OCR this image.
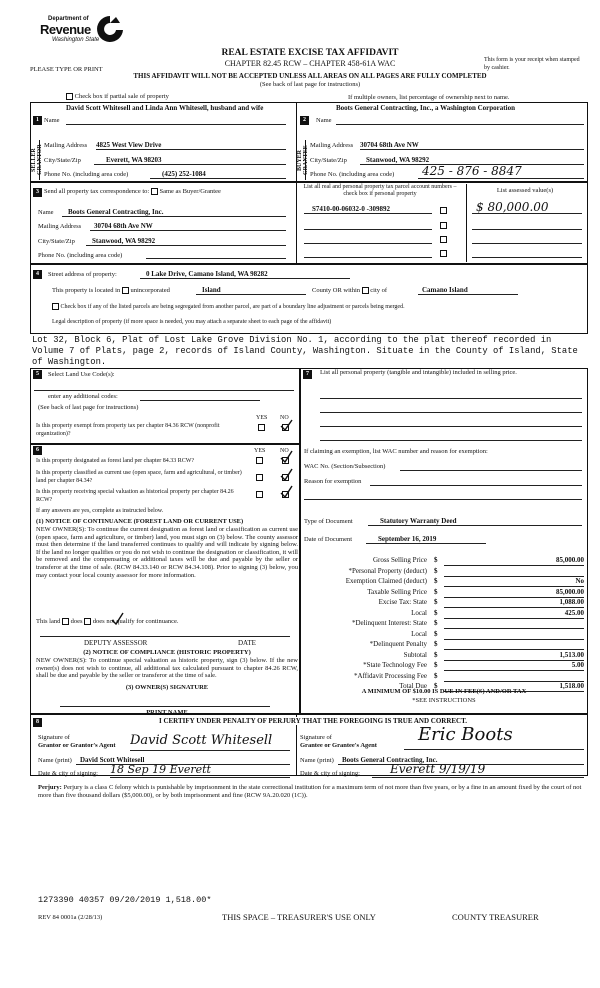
Department of
Revenue
Washington State
REAL ESTATE EXCISE TAX AFFIDAVIT
CHAPTER 82.45 RCW – CHAPTER 458-61A WAC
PLEASE TYPE OR PRINT
This form is your receipt when stamped by cashier.
THIS AFFIDAVIT WILL NOT BE ACCEPTED UNLESS ALL AREAS ON ALL PAGES ARE FULLY COMPLETED
(See back of last page for instructions)
Check box if partial sale of property	If multiple owners, list percentage of ownership next to name.
SELLER GRANTOR
1 Name
David Scott Whitesell and Linda Ann Whitesell, husband and wife
Mailing Address 4825 West View Drive
City/State/Zip	Everett, WA 98203
Phone No. (including area code)	(425) 252-1084
BUYER GRANTEE
2	Name
Boots General Contracting, Inc., a Washington Corporation
Mailing Address 30704 68th Ave NW
City/State/Zip	Stanwood, WA 98292
Phone No. (including area code)	425 - 876 - 8847
3 Send all property tax correspondence to: Same as Buyer/Grantee
Name	Boots General Contracting, Inc.
Mailing Address	30704 68th Ave NW
City/State/Zip	Stanwood, WA 98292
Phone No. (including area code)
List all real and personal property tax parcel account numbers – check box if personal property	List assessed value(s)
S7410-00-06032-0 -309892	$ 80,000.00
4	Street address of property:	0 Lake Drive, Camano Island, WA 98282
This property is located in unincorporated	Island	County OR within city of	Camano Island
Check box if any of the listed parcels are being segregated from another parcel, are part of a boundary line adjustment or parcels being merged.
Legal description of property (if more space is needed, you may attach a separate sheet to each page of the affidavit)
Lot 32, Block 6, Plat of Lost Lake Grove Division No. 1, according to the plat thereof recorded in Volume 7 of Plats, page 2, records of Island County, Washington. Situate in the County of Island, State of Washington.
5	Select Land Use Code(s):
enter any additional codes:
(See back of last page for instructions)
YES NO
Is this property exempt from property tax per chapter 84.36 RCW (nonprofit organization)?
6	YES NO
Is this property designated as forest land per chapter 84.33 RCW?
Is this property classified as current use (open space, farm and agricultural, or timber) land per chapter 84.34?
Is this property receiving special valuation as historical property per chapter 84.26 RCW?
If any answers are yes, complete as instructed below.
(1) NOTICE OF CONTINUANCE (FOREST LAND OR CURRENT USE)
NEW OWNER(S): To continue the current designation as forest land or classification as current use (open space, farm and agriculture, or timber) land, you must sign on (3) below. The county assessor must then determine if the land transferred continues to qualify and will indicate by signing below. If the land no longer qualifies or you do not wish to continue the designation or classification, it will be removed and the compensating or additional taxes will be due and payable by the seller or transferor at the time of sale. (RCW 84.33.140 or RCW 84.34.108). Prior to signing (3) below, you may contact your local county assessor for more information.
This land does does not qualify for continuance.
DEPUTY ASSESSOR	DATE
(2) NOTICE OF COMPLIANCE (HISTORIC PROPERTY)
NEW OWNER(S): To continue special valuation as historic property, sign (3) below. If the new owner(s) does not wish to continue, all additional tax calculated pursuant to chapter 84.26 RCW, shall be due and payable by the seller or transferor at the time of sale.
(3) OWNER(S) SIGNATURE
PRINT NAME
7	List all personal property (tangible and intangible) included in selling price.
If claiming an exemption, list WAC number and reason for exemption:
WAC No. (Section/Subsection)
Reason for exemption
Type of Document	Statutory Warranty Deed
Date of Document	September 16, 2019
Gross Selling Price $	85,000.00
*Personal Property (deduct) $
Exemption Claimed (deduct) $	No
Taxable Selling Price $	85,000.00
Excise Tax: State $	1,088.00
Local $	425.00
*Delinquent Interest: State $
Local $
*Delinquent Penalty $
Subtotal $	1,513.00
*State Technology Fee $	5.00
*Affidavit Processing Fee $
Total Due $	1,518.00
A MINIMUM OF $10.00 IS DUE IN FEE(S) AND/OR TAX
*SEE INSTRUCTIONS
8	I CERTIFY UNDER PENALTY OF PERJURY THAT THE FOREGOING IS TRUE AND CORRECT.
Signature of
Grantor or Grantor's Agent David Scott Whitesell	Signature of
Grantee or Grantee's Agent
Eric Boots
Name (print)	David Scott Whitesell	Name (print)	Boots General Contracting, Inc.
Date & city of signing: 18 Sep 19 Everett	Date & city of signing:	Everett 9/19/19
Perjury: Perjury is a class C felony which is punishable by imprisonment in the state correctional institution for a maximum term of not more than five years, or by a fine in an amount fixed by the court of not more than five thousand dollars ($5,000.00), or by both imprisonment and fine (RCW 9A.20.020 (1C)).
1273390 40357 09/20/2019 1,518.00*
REV 84 0001a (2/28/13)	THIS SPACE – TREASURER'S USE ONLY	COUNTY TREASURER
